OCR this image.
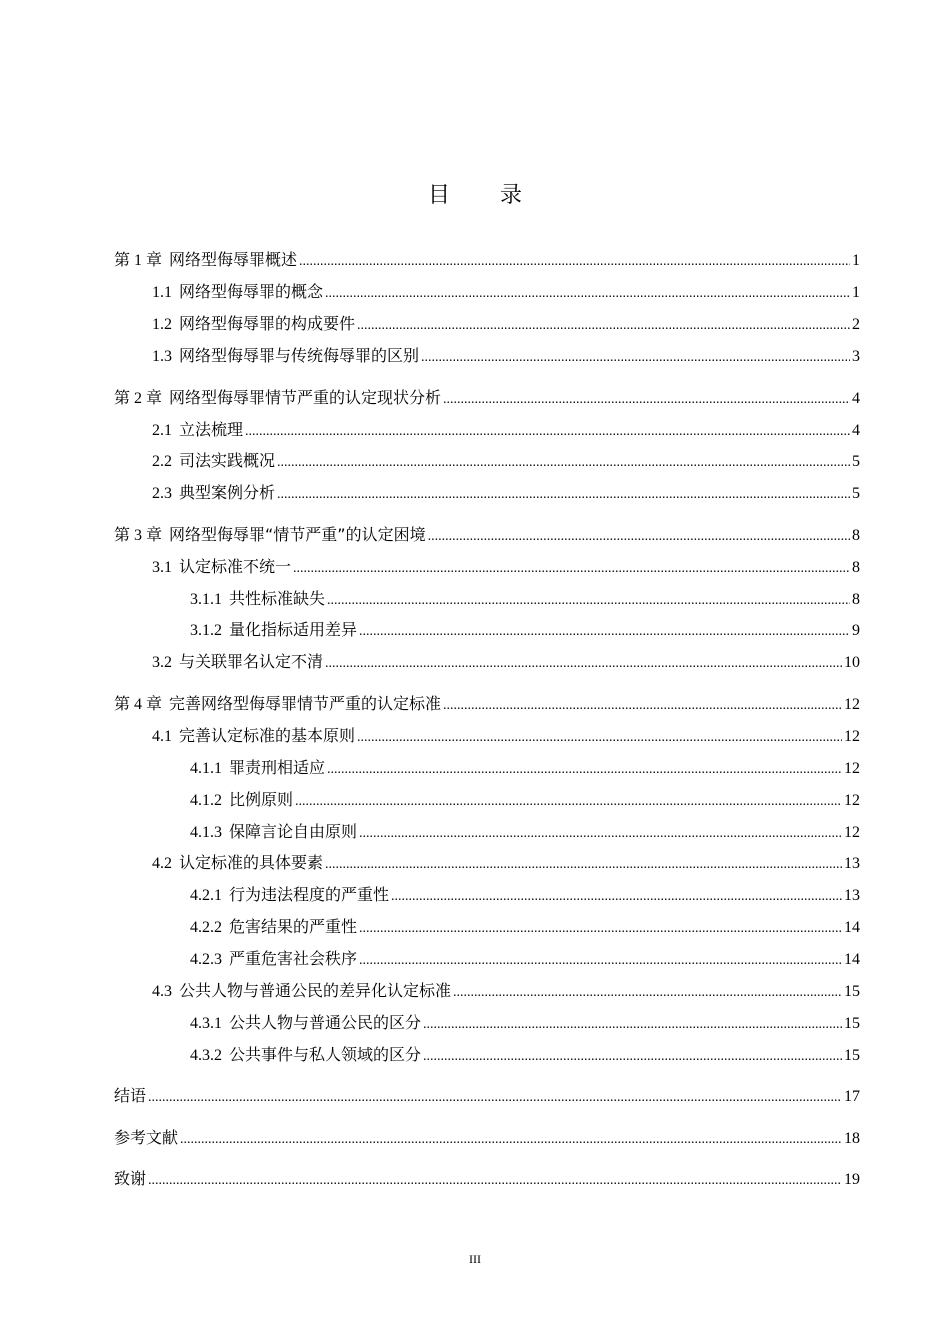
目 录
第 1 章 网络型侮辱罪概述 .....	1
1.1 网络型侮辱罪的概念 .....	1
1.2 网络型侮辱罪的构成要件 .....	2
1.3 网络型侮辱罪与传统侮辱罪的区别 .....	3
第 2 章 网络型侮辱罪情节严重的认定现状分析 .....	4
2.1 立法梳理 .....	4
2.2 司法实践概况 .....	5
2.3 典型案例分析 .....	5
第 3 章 网络型侮辱罪“情节严重”的认定困境 .....	8
3.1 认定标准不统一 .....	8
3.1.1 共性标准缺失 .....	8
3.1.2 量化指标适用差异 .....	9
3.2 与关联罪名认定不清 .....	10
第 4 章 完善网络型侮辱罪情节严重的认定标准 .....	12
4.1 完善认定标准的基本原则 .....	12
4.1.1 罪责刑相适应 .....	12
4.1.2 比例原则 .....	12
4.1.3 保障言论自由原则 .....	12
4.2 认定标准的具体要素 .....	13
4.2.1 行为违法程度的严重性 .....	13
4.2.2 危害结果的严重性 .....	14
4.2.3 严重危害社会秩序 .....	14
4.3 公共人物与普通公民的差异化认定标准 .....	15
4.3.1 公共人物与普通公民的区分 .....	15
4.3.2 公共事件与私人领域的区分 .....	15
结语 .....	17
参考文献 .....	18
致谢 .....	19
III
